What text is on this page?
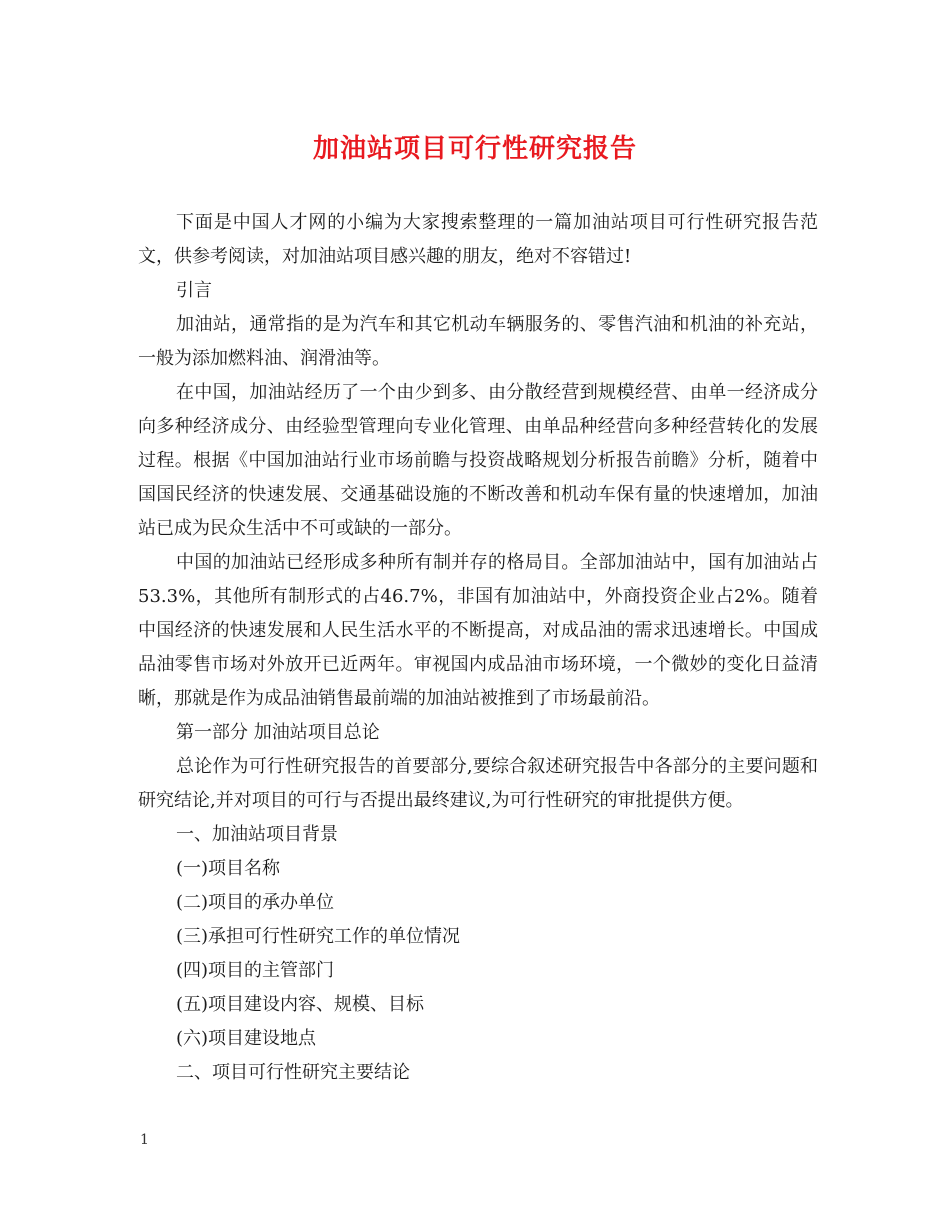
加油站项目可行性研究报告

下面是中国人才网的小编为大家搜索整理的一篇加油站项目可行性研究报告范文，供参考阅读，对加油站项目感兴趣的朋友，绝对不容错过!

引言

加油站，通常指的是为汽车和其它机动车辆服务的、零售汽油和机油的补充站，一般为添加燃料油、润滑油等。

在中国，加油站经历了一个由少到多、由分散经营到规模经营、由单一经济成分向多种经济成分、由经验型管理向专业化管理、由单品种经营向多种经营转化的发展过程。根据《中国加油站行业市场前瞻与投资战略规划分析报告前瞻》分析，随着中国国民经济的快速发展、交通基础设施的不断改善和机动车保有量的快速增加，加油站已成为民众生活中不可或缺的一部分。

中国的加油站已经形成多种所有制并存的格局目。全部加油站中，国有加油站占53.3%，其他所有制形式的占46.7%，非国有加油站中，外商投资企业占2%。随着中国经济的快速发展和人民生活水平的不断提高，对成品油的需求迅速增长。中国成品油零售市场对外放开已近两年。审视国内成品油市场环境，一个微妙的变化日益清晰，那就是作为成品油销售最前端的加油站被推到了市场最前沿。

第一部分 加油站项目总论

总论作为可行性研究报告的首要部分,要综合叙述研究报告中各部分的主要问题和研究结论,并对项目的可行与否提出最终建议,为可行性研究的审批提供方便。

一、加油站项目背景

(一)项目名称

(二)项目的承办单位

(三)承担可行性研究工作的单位情况

(四)项目的主管部门

(五)项目建设内容、规模、目标

(六)项目建设地点

二、项目可行性研究主要结论

1
